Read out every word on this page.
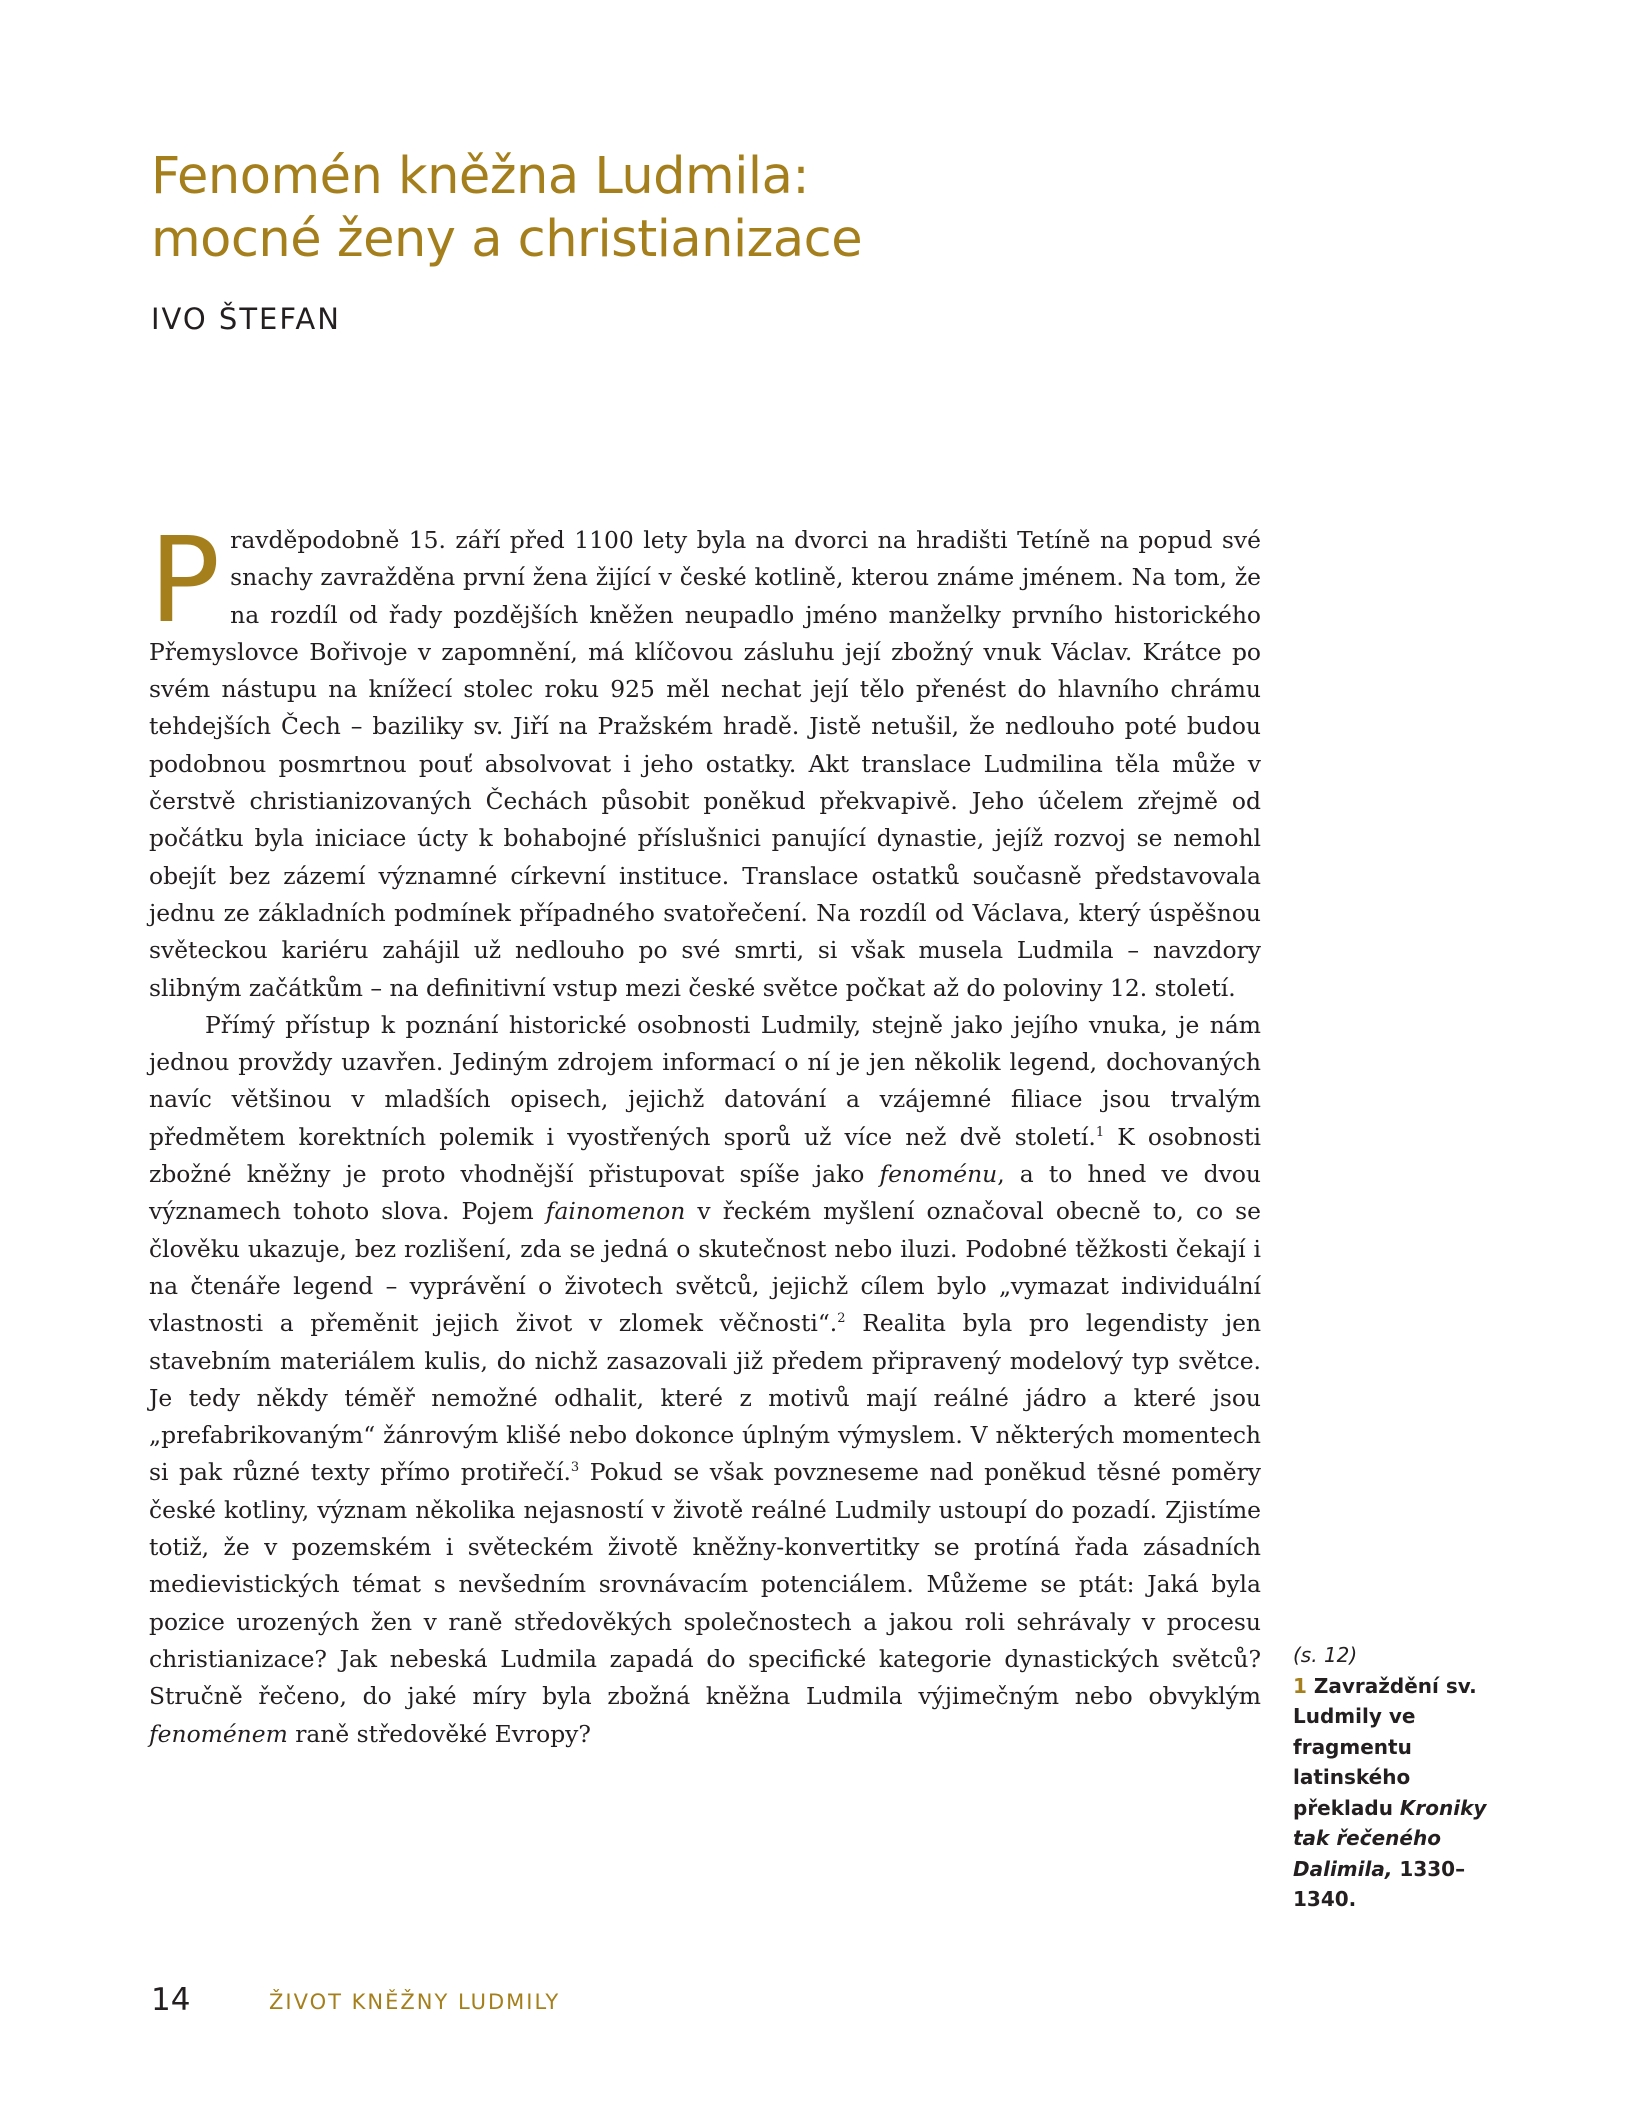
Fenomén kněžna Ludmila:
mocné ženy a christianizace
IVO ŠTEFAN

Pravděpodobně 15. září před 1100 lety byla na dvorci na hradišti Tetíně na popud své snachy zavražděna první žena žijící v české kotlině, kterou známe jménem. Na tom, že na rozdíl od řady pozdějších kněžen neupadlo jméno manželky prvního historického Přemyslovce Bořivoje v zapomnění, má klíčovou zásluhu její zbožný vnuk Václav. Krátce po svém nástupu na knížecí stolec roku 925 měl nechat její tělo přenést do hlavního chrámu tehdejších Čech – baziliky sv. Jiří na Pražském hradě. Jistě netušil, že nedlouho poté budou podobnou posmrtnou pouť absolvovat i jeho ostatky. Akt translace Ludmilina těla může v čerstvě christianizovaných Čechách působit poněkud překvapivě. Jeho účelem zřejmě od počátku byla iniciace úcty k bohabojné příslušnici panující dynastie, jejíž rozvoj se nemohl obejít bez zázemí významné církevní instituce. Translace ostatků současně představovala jednu ze základních podmínek případného svatořečení. Na rozdíl od Václava, který úspěšnou světeckou kariéru zahájil už nedlouho po své smrti, si však musela Ludmila – navzdory slibným začátkům – na definitivní vstup mezi české světce počkat až do poloviny 12. století.

Přímý přístup k poznání historické osobnosti Ludmily, stejně jako jejího vnuka, je nám jednou provždy uzavřen. Jediným zdrojem informací o ní je jen několik legend, dochovaných navíc většinou v mladších opisech, jejichž datování a vzájemné filiace jsou trvalým předmětem korektních polemik i vyostřených sporů už více než dvě století.$^1$ K osobnosti zbožné kněžny je proto vhodnější přistupovat spíše jako fenoménu, a to hned ve dvou významech tohoto slova. Pojem fainomenon v řeckém myšlení označoval obecně to, co se člověku ukazuje, bez rozlišení, zda se jedná o skutečnost nebo iluzi. Podobné těžkosti čekají i na čtenáře legend – vyprávění o životech světců, jejichž cílem bylo „vymazat individuální vlastnosti a přeměnit jejich život v zlomek věčnosti“.$^2$ Realita byla pro legendisty jen stavebním materiálem kulis, do nichž zasazovali již předem připravený modelový typ světce. Je tedy někdy téměř nemožné odhalit, které z motivů mají reálné jádro a které jsou „prefabrikovaným“ žánrovým klišé nebo dokonce úplným výmyslem. V některých momentech si pak různé texty přímo protiřečí.$^3$ Pokud se však povzneseme nad poněkud těsné poměry české kotliny, význam několika nejasností v životě reálné Ludmily ustoupí do pozadí. Zjistíme totiž, že v pozemském i světeckém životě kněžny-konvertitky se protíná řada zásadních medievistických témat s nevšedním srovnávacím potenciálem. Můžeme se ptát: Jaká byla pozice urozených žen v raně středověkých společnostech a jakou roli sehrávaly v procesu christianizace? Jak nebeská Ludmila zapadá do specifické kategorie dynastických světců? Stručně řečeno, do jaké míry byla zbožná kněžna Ludmila výjimečným nebo obvyklým fenoménem raně středověké Evropy?

(s. 12)
1 Zavraždění sv. Ludmily ve fragmentu latinského překladu Kroniky tak řečeného Dalimila, 1330–1340.
14	ŽIVOT KNĚŽNY LUDMILY
